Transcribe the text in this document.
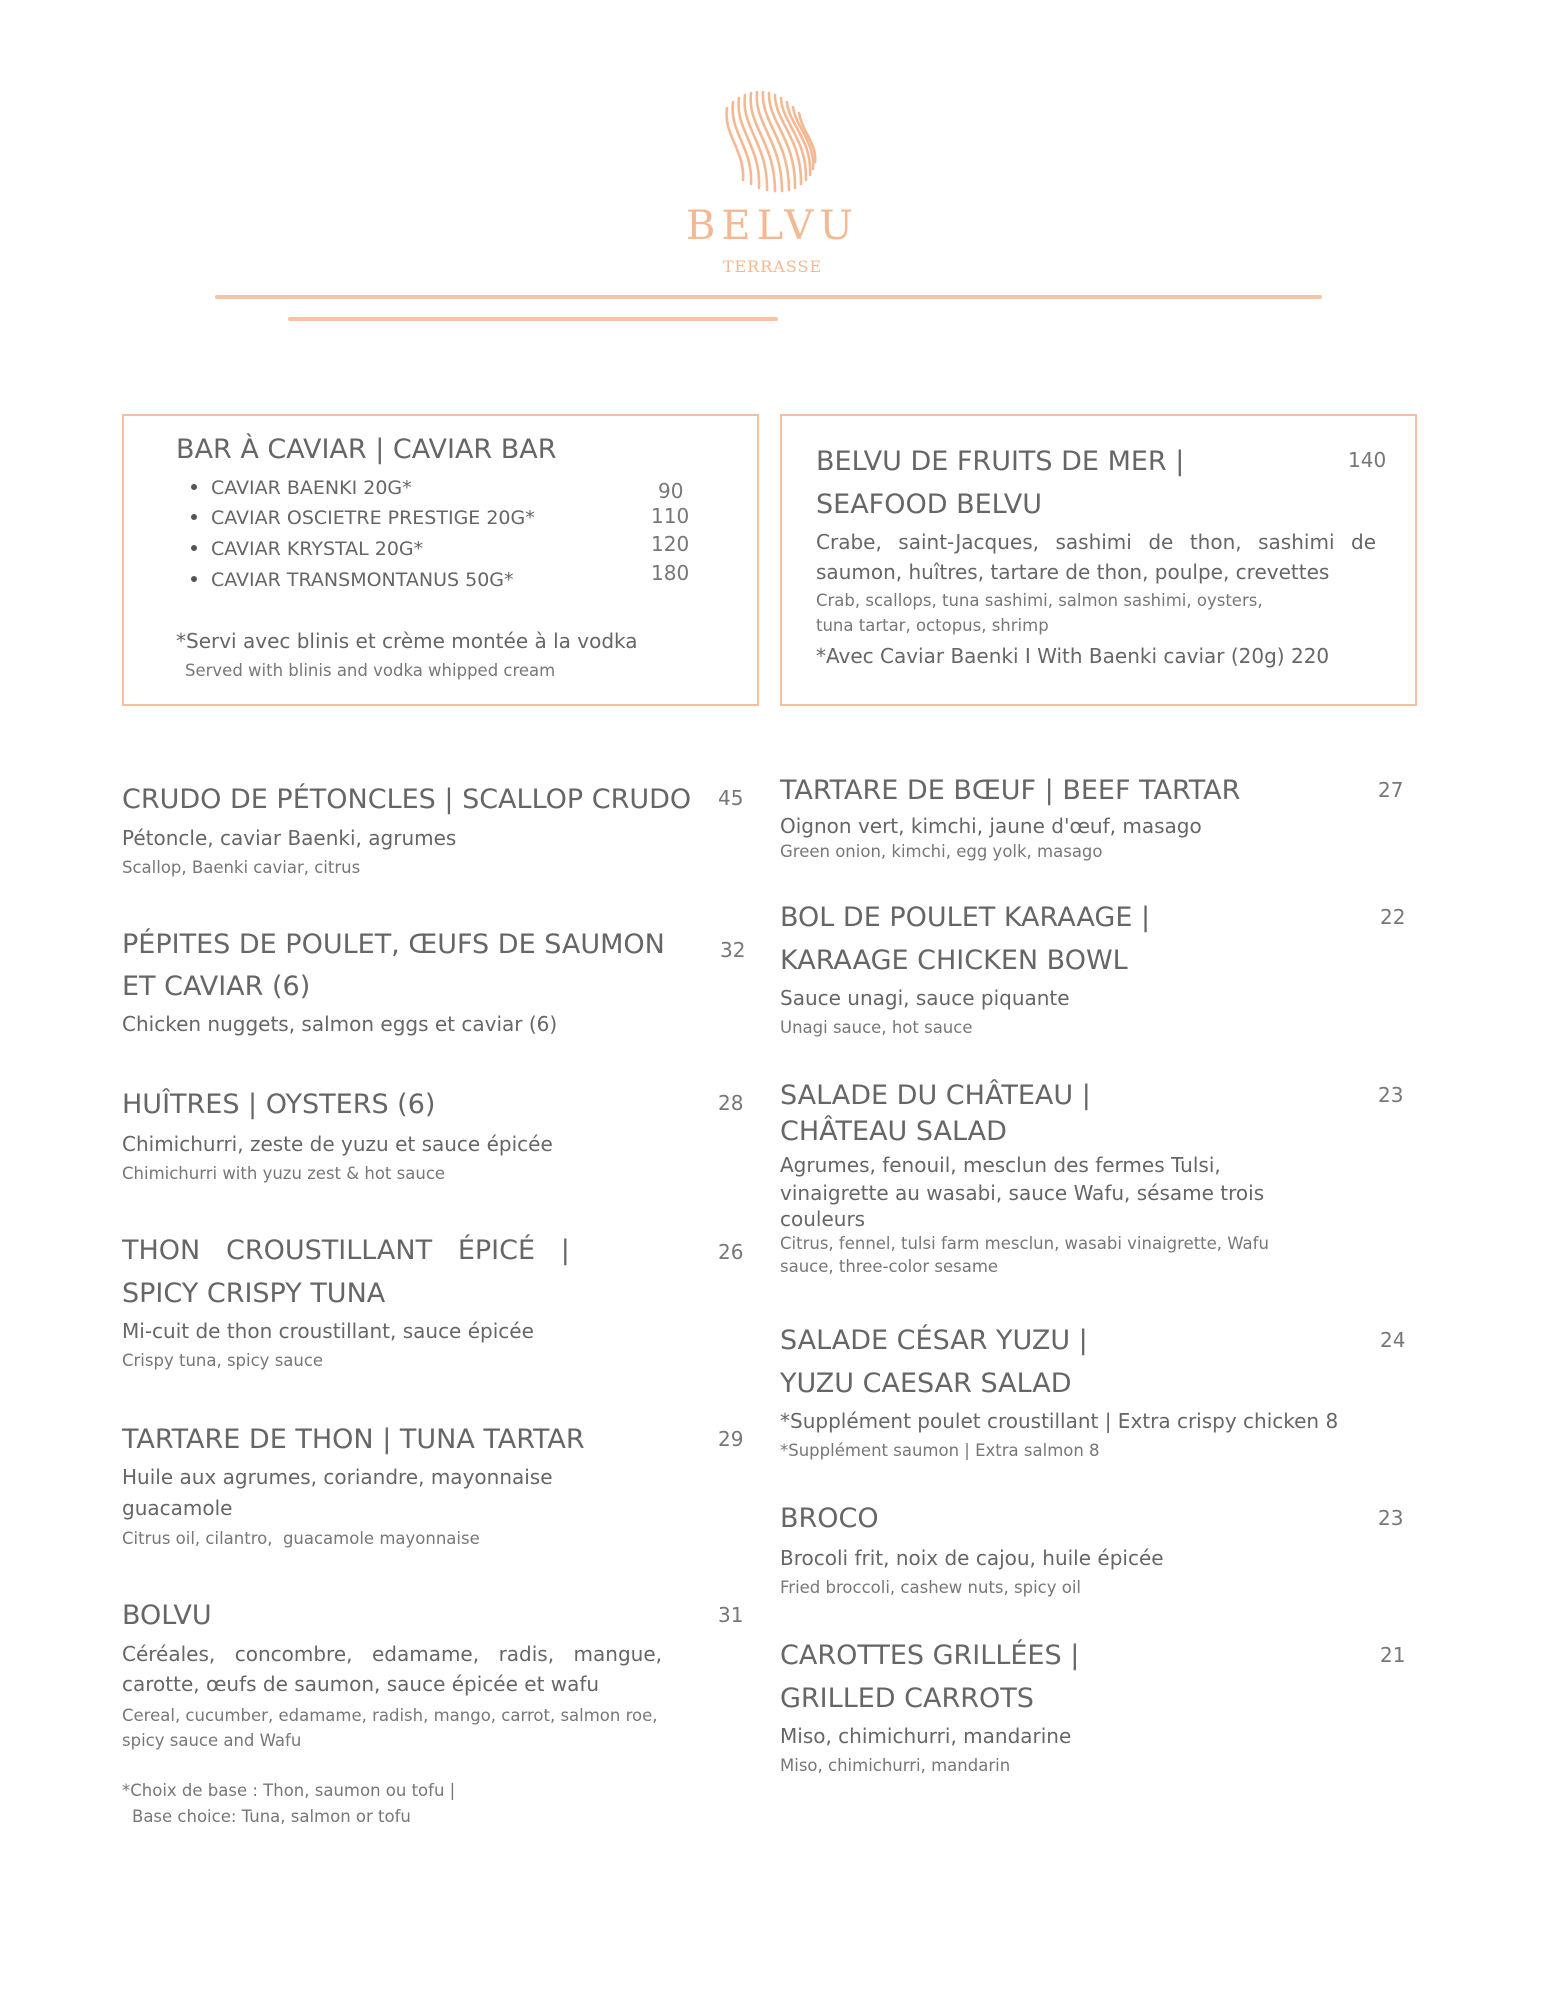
BELVU

TERRASSE

BAR À CAVIAR | CAVIAR BAR

CAVIAR BAENKI 20G*	90

CAVIAR OSCIETRE PRESTIGE 20G*	110

CAVIAR KRYSTAL 20G*	120

CAVIAR TRANSMONTANUS 50G*	180

*Servi avec blinis et crème montée à la vodka

Served with blinis and vodka whipped cream

BELVU DE FRUITS DE MER |

SEAFOOD BELVU

140

Crabe, saint-Jacques, sashimi de thon, sashimi de saumon, huîtres, tartare de thon, poulpe, crevettes

Crab, scallops, tuna sashimi, salmon sashimi, oysters,

tuna tartar, octopus, shrimp

*Avec Caviar Baenki I With Baenki caviar (20g) 220

CRUDO DE PÉTONCLES | SCALLOP CRUDO 45

Pétoncle, caviar Baenki, agrumes

Scallop, Baenki caviar, citrus

PÉPITES DE POULET, ŒUFS DE SAUMON

ET CAVIAR (6)

32

Chicken nuggets, salmon eggs et caviar (6)

HUÎTRES | OYSTERS (6)	28

Chimichurri, zeste de yuzu et sauce épicée

Chimichurri with yuzu zest & hot sauce

THON   CROUSTILLANT   ÉPICÉ   |

SPICY CRISPY TUNA

26

Mi-cuit de thon croustillant, sauce épicée

Crispy tuna, spicy sauce

TARTARE DE THON | TUNA TARTAR	29

Huile aux agrumes, coriandre, mayonnaise

guacamole

Citrus oil, cilantro,  guacamole mayonnaise

BOLVU	31

Céréales, concombre, edamame, radis, mangue, carotte, œufs de saumon, sauce épicée et wafu

Cereal, cucumber, edamame, radish, mango, carrot, salmon roe, spicy sauce and Wafu

*Choix de base : Thon, saumon ou tofu |

Base choice: Tuna, salmon or tofu

TARTARE DE BŒUF | BEEF TARTAR	27

Oignon vert, kimchi, jaune d'œuf, masago

Green onion, kimchi, egg yolk, masago

BOL DE POULET KARAAGE |

KARAAGE CHICKEN BOWL

22

Sauce unagi, sauce piquante

Unagi sauce, hot sauce

SALADE DU CHÂTEAU |

CHÂTEAU SALAD

23

Agrumes, fenouil, mesclun des fermes Tulsi,

vinaigrette au wasabi, sauce Wafu, sésame trois

couleurs

Citrus, fennel, tulsi farm mesclun, wasabi vinaigrette, Wafu

sauce, three-color sesame

SALADE CÉSAR YUZU |

YUZU CAESAR SALAD

24

*Supplément poulet croustillant | Extra crispy chicken 8

*Supplément saumon | Extra salmon 8

BROCO	23

Brocoli frit, noix de cajou, huile épicée

Fried broccoli, cashew nuts, spicy oil

CAROTTES GRILLÉES |

GRILLED CARROTS

21

Miso, chimichurri, mandarine

Miso, chimichurri, mandarin
